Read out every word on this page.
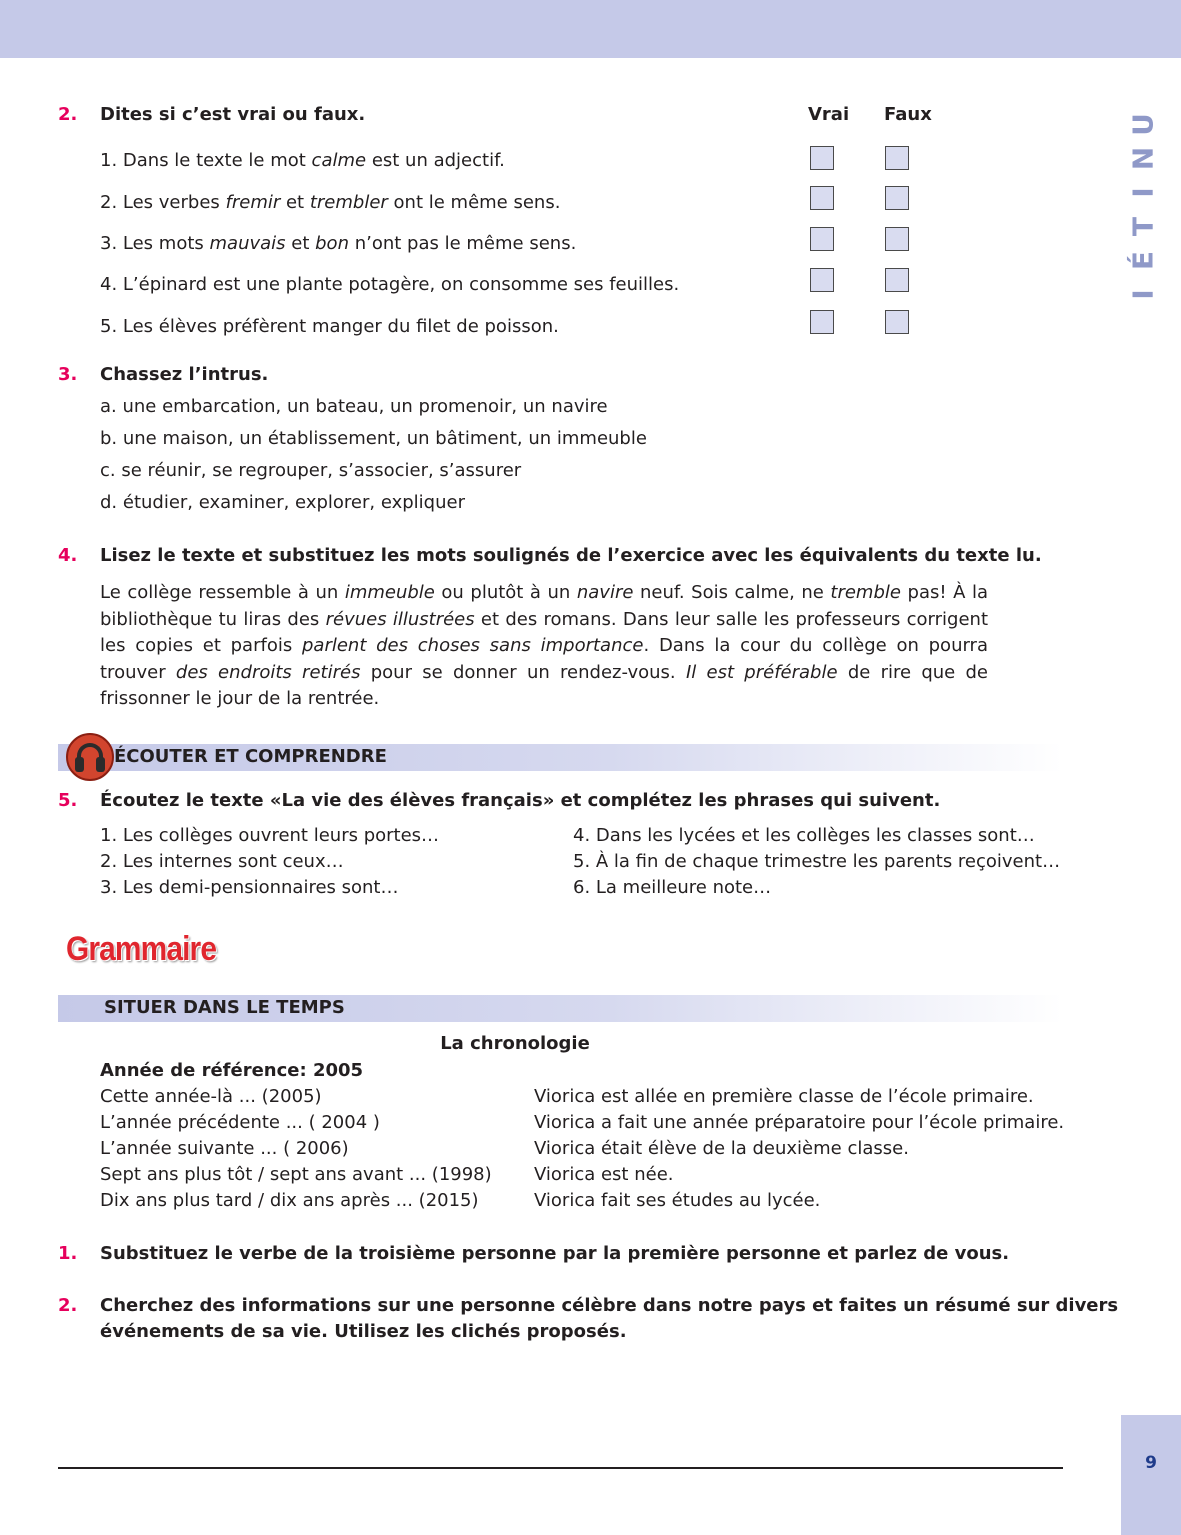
U
N
I
T
É
I
2.	Dites si c’est vrai ou faux.	Vrai Faux
1. Dans le texte le mot calme est un adjectif.
2. Les verbes fremir et trembler ont le même sens.
3. Les mots mauvais et bon n’ont pas le même sens.
4. L’épinard est une plante potagère, on consomme ses feuilles.
5. Les élèves préfèrent manger du filet de poisson.
3.	Chassez l’intrus.
a. une embarcation, un bateau, un promenoir, un navire
b. une maison, un établissement, un bâtiment, un immeuble
c. se réunir, se regrouper, s’associer, s’assurer
d. étudier, examiner, explorer, expliquer
4.	Lisez le texte et substituez les mots soulignés de l’exercice avec les équivalents du texte lu.
Le collège ressemble à un immeuble ou plutôt à un navire neuf. Sois calme, ne tremble pas! À la bibliothèque tu liras des révues illustrées et des romans. Dans leur salle les professeurs corrigent les copies et parfois parlent des choses sans importance. Dans la cour du collège on pourra trouver des endroits retirés pour se donner un rendez-vous. Il est préférable de rire que de frissonner le jour de la rentrée.
ÉCOUTER ET COMPRENDRE
5.	Écoutez le texte «La vie des élèves français» et complétez les phrases qui suivent.
1. Les collèges ouvrent leurs portes…
2. Les internes sont ceux…
3. Les demi-pensionnaires sont…
4. Dans les lycées et les collèges les classes sont…
5. À la fin de chaque trimestre les parents reçoivent…
6. La meilleure note…
Grammaire
SITUER DANS LE TEMPS
La chronologie
Année de référence: 2005
Cette année-là ... (2005)	Viorica est allée en première classe de l’école primaire.
L’année précédente ... ( 2004 )	Viorica a fait une année préparatoire pour l’école primaire.
L’année suivante ... ( 2006)	Viorica était élève de la deuxième classe.
Sept ans plus tôt / sept ans avant ... (1998) Viorica est née.
Dix ans plus tard / dix ans après ... (2015)	Viorica fait ses études au lycée.
1.	Substituez le verbe de la troisième personne par la première personne et parlez de vous.
2.	Cherchez des informations sur une personne célèbre dans notre pays et faites un résumé sur divers
événements de sa vie. Utilisez les clichés proposés.
9
